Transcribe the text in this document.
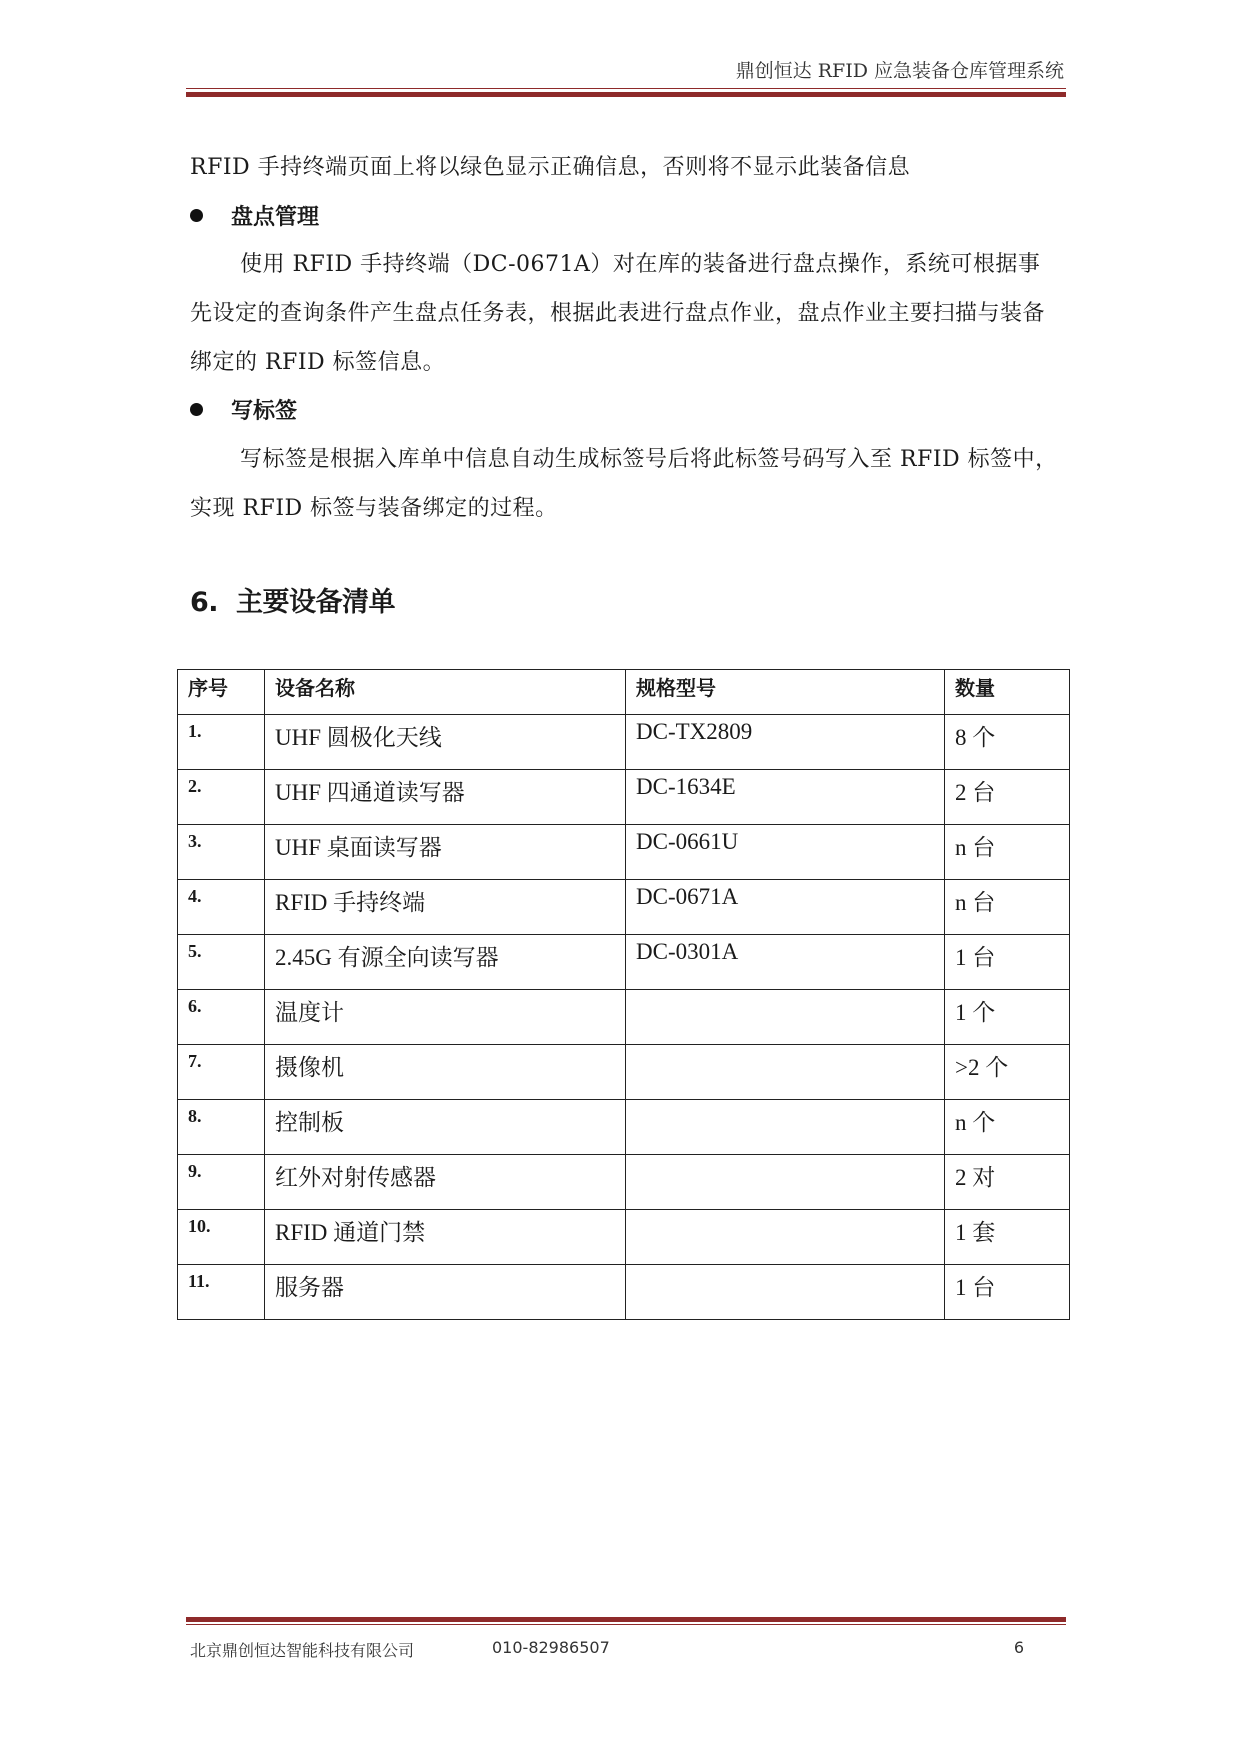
鼎创恒达 RFID 应急装备仓库管理系统

RFID 手持终端页面上将以绿色显示正确信息，否则将不显示此装备信息

盘点管理

使用 RFID 手持终端（DC-0671A）对在库的装备进行盘点操作，系统可根据事先设定的查询条件产生盘点任务表，根据此表进行盘点作业，盘点作业主要扫描与装备绑定的 RFID 标签信息。

写标签

写标签是根据入库单中信息自动生成标签号后将此标签号码写入至 RFID 标签中，实现 RFID 标签与装备绑定的过程。

6. 主要设备清单
序号	设备名称	规格型号	数量
1.	UHF 圆极化天线	DC-TX2809	8 个
2.	UHF 四通道读写器	DC-1634E	2 台
3.	UHF 桌面读写器	DC-0661U	n 台
4.	RFID 手持终端	DC-0671A	n 台
5.	2.45G 有源全向读写器	DC-0301A	1 台
6.	温度计		1 个
7.	摄像机		>2 个
8.	控制板		n 个
9.	红外对射传感器		2 对
10.	RFID 通道门禁		1 套
11.	服务器		1 台
北京鼎创恒达智能科技有限公司	010-82986507	6
